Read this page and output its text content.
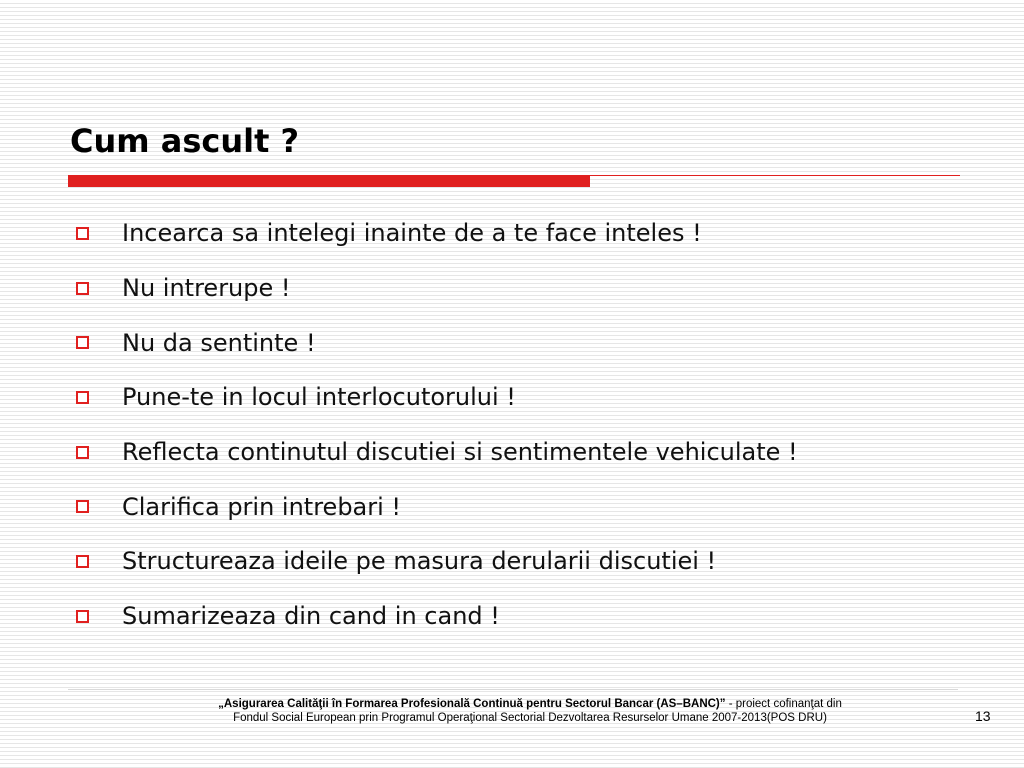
Cum ascult ?
Incearca sa intelegi inainte de a te face inteles !
Nu intrerupe !
Nu da sentinte !
Pune-te in locul interlocutorului !
Reflecta continutul discutiei si sentimentele vehiculate !
Clarifica prin intrebari !
Structureaza ideile pe masura derularii discutiei !
Sumarizeaza din cand in cand !
„Asigurarea Calităţii în Formarea Profesională Continuă pentru Sectorul Bancar (AS–BANC)” - proiect cofinanţat din
Fondul Social European prin Programul Operaţional Sectorial Dezvoltarea Resurselor Umane 2007-2013(POS DRU)	13
